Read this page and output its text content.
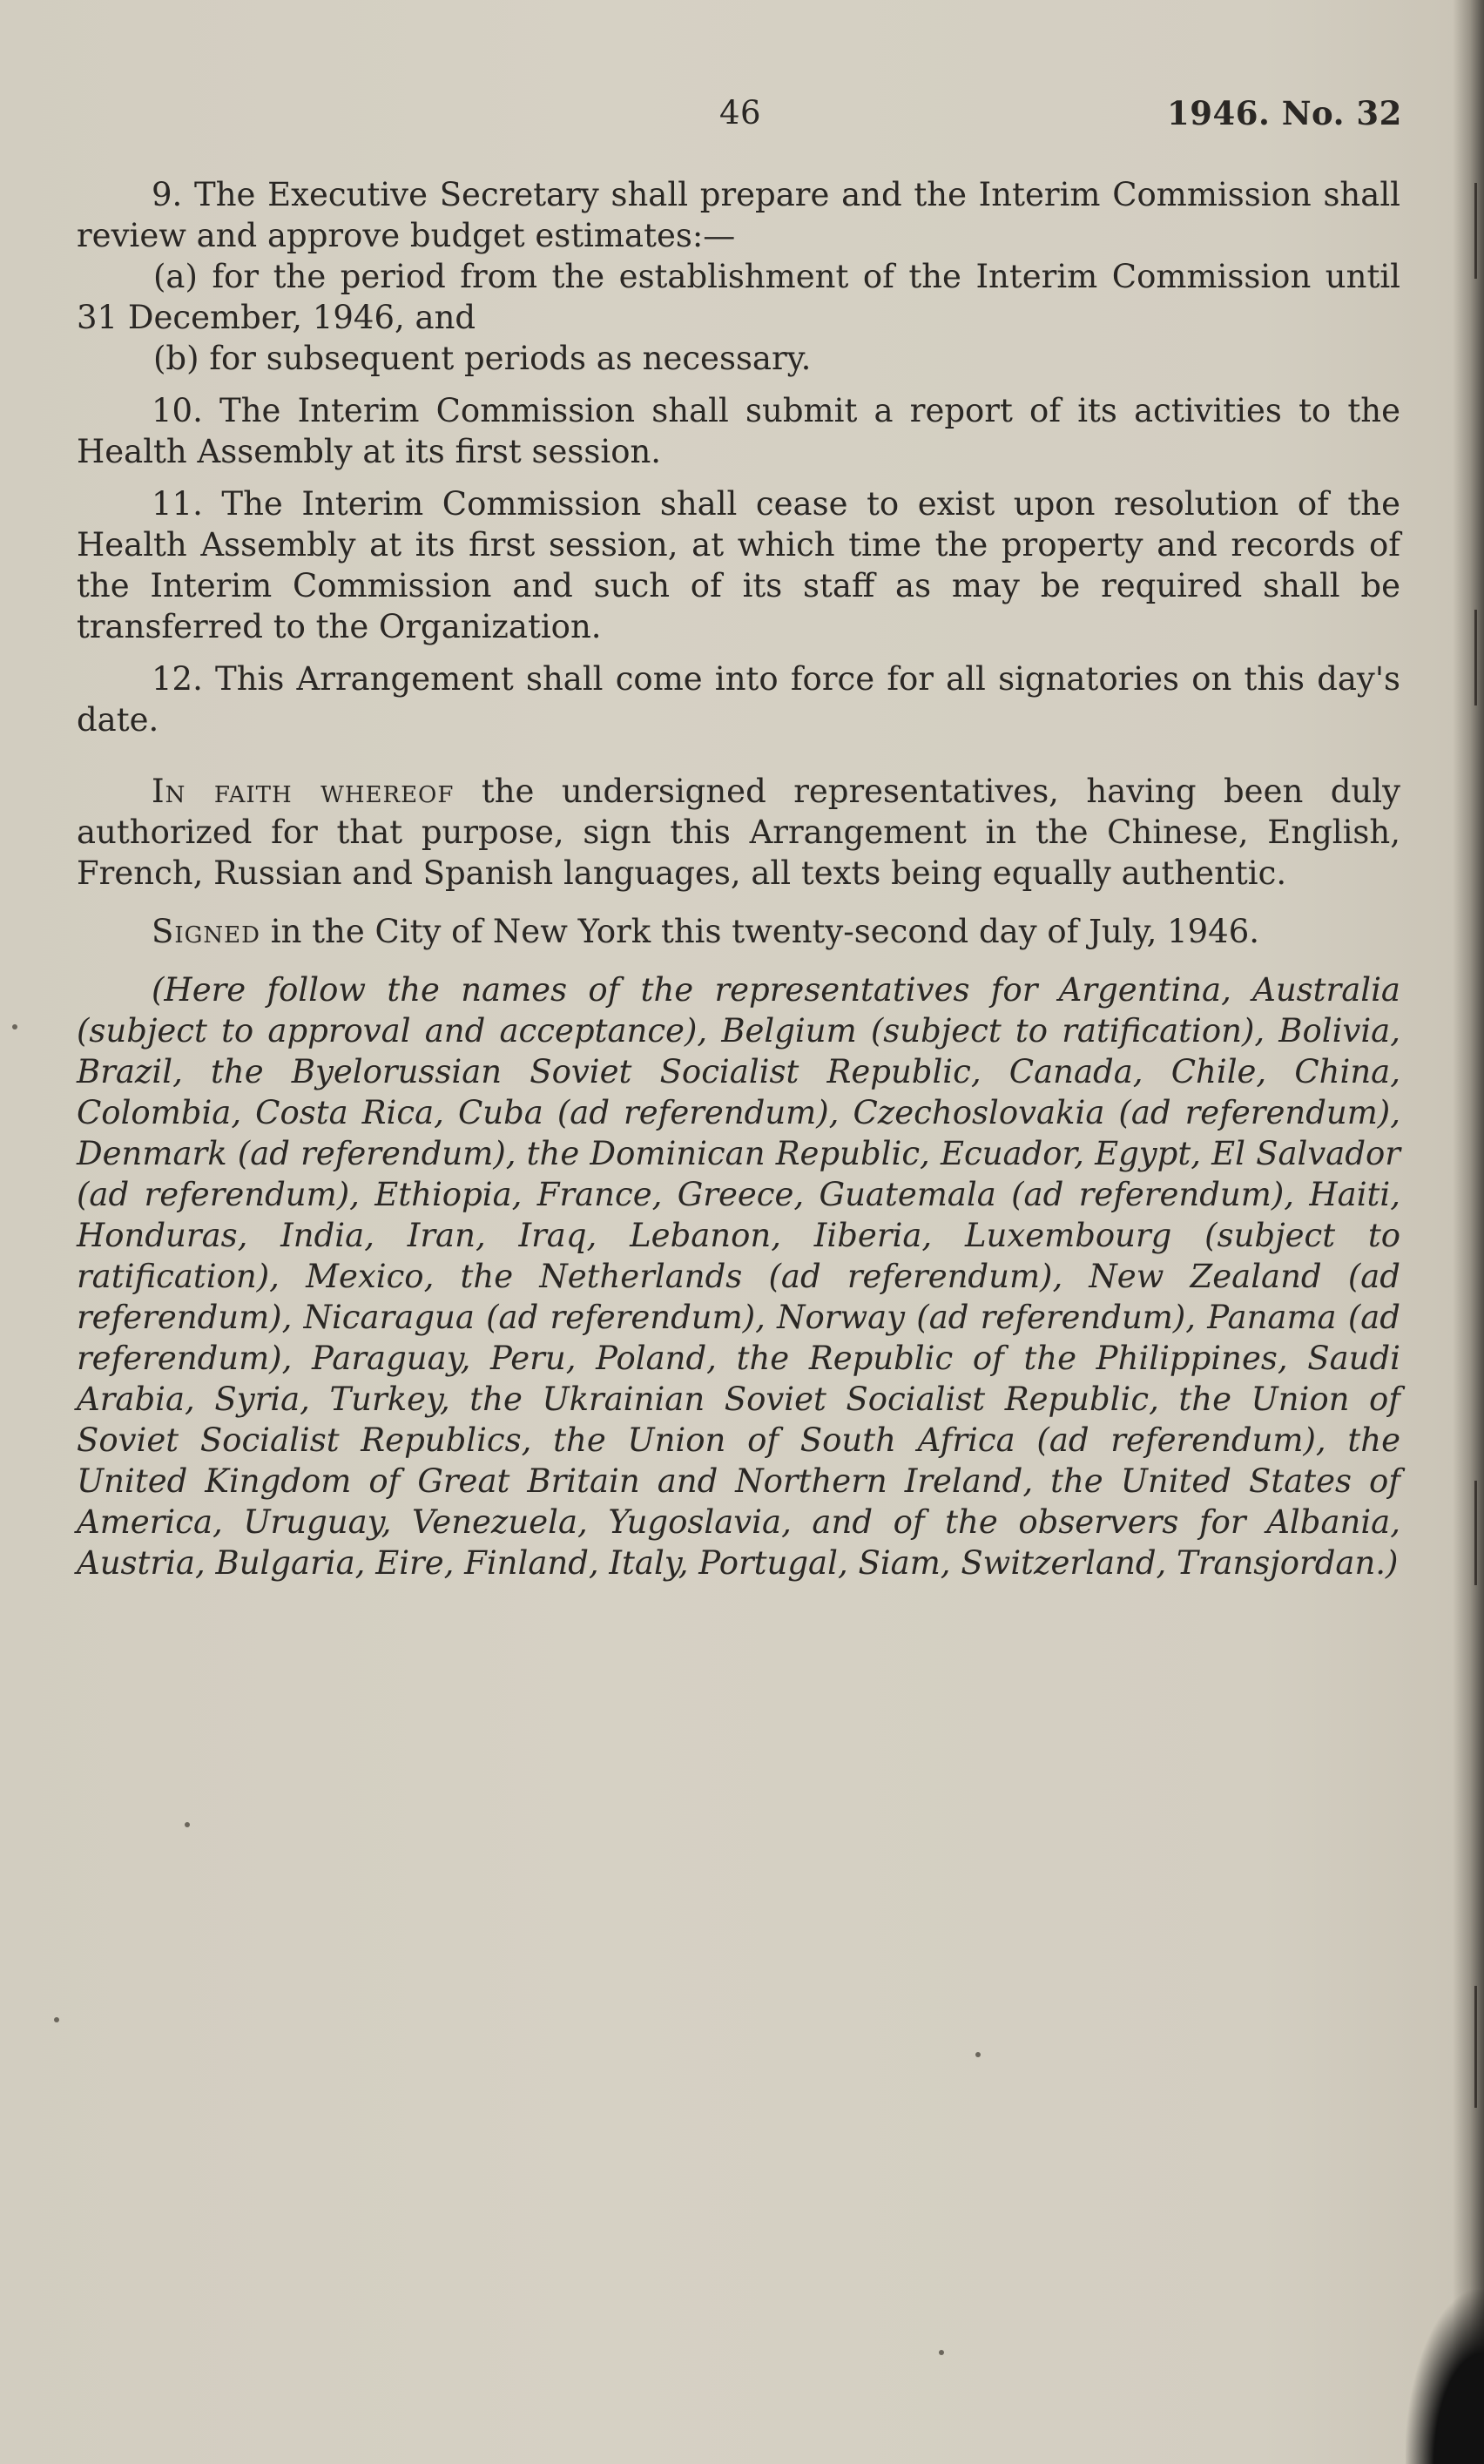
46	1946. No. 32

9. The Executive Secretary shall prepare and the Interim Commission shall review and approve budget estimates:—

(a) for the period from the establishment of the Interim Commission until 31 December, 1946, and

(b) for subsequent periods as necessary.

10. The Interim Commission shall submit a report of its activities to the Health Assembly at its first session.

11. The Interim Commission shall cease to exist upon resolution of the Health Assembly at its first session, at which time the property and records of the Interim Commission and such of its staff as may be required shall be transferred to the Organization.

12. This Arrangement shall come into force for all signatories on this day's date.

In faith whereof the undersigned representatives, having been duly authorized for that purpose, sign this Arrangement in the Chinese, English, French, Russian and Spanish languages, all texts being equally authentic.

Signed in the City of New York this twenty-second day of July, 1946.

(Here follow the names of the representatives for Argentina, Australia (subject to approval and acceptance), Belgium (subject to ratification), Bolivia, Brazil, the Byelorussian Soviet Socialist Republic, Canada, Chile, China, Colombia, Costa Rica, Cuba (ad referendum), Czechoslovakia (ad referendum), Denmark (ad referendum), the Dominican Republic, Ecuador, Egypt, El Salvador (ad referendum), Ethiopia, France, Greece, Guatemala (ad referendum), Haiti, Honduras, India, Iran, Iraq, Lebanon, Iiberia, Luxembourg (subject to ratification), Mexico, the Netherlands (ad referendum), New Zealand (ad referendum), Nicaragua (ad referendum), Norway (ad referendum), Panama (ad referendum), Paraguay, Peru, Poland, the Republic of the Philippines, Saudi Arabia, Syria, Turkey, the Ukrainian Soviet Socialist Republic, the Union of Soviet Socialist Republics, the Union of South Africa (ad referendum), the United Kingdom of Great Britain and Northern Ireland, the United States of America, Uruguay, Venezuela, Yugoslavia, and of the observers for Albania, Austria, Bulgaria, Eire, Finland, Italy, Portugal, Siam, Switzerland, Transjordan.)
